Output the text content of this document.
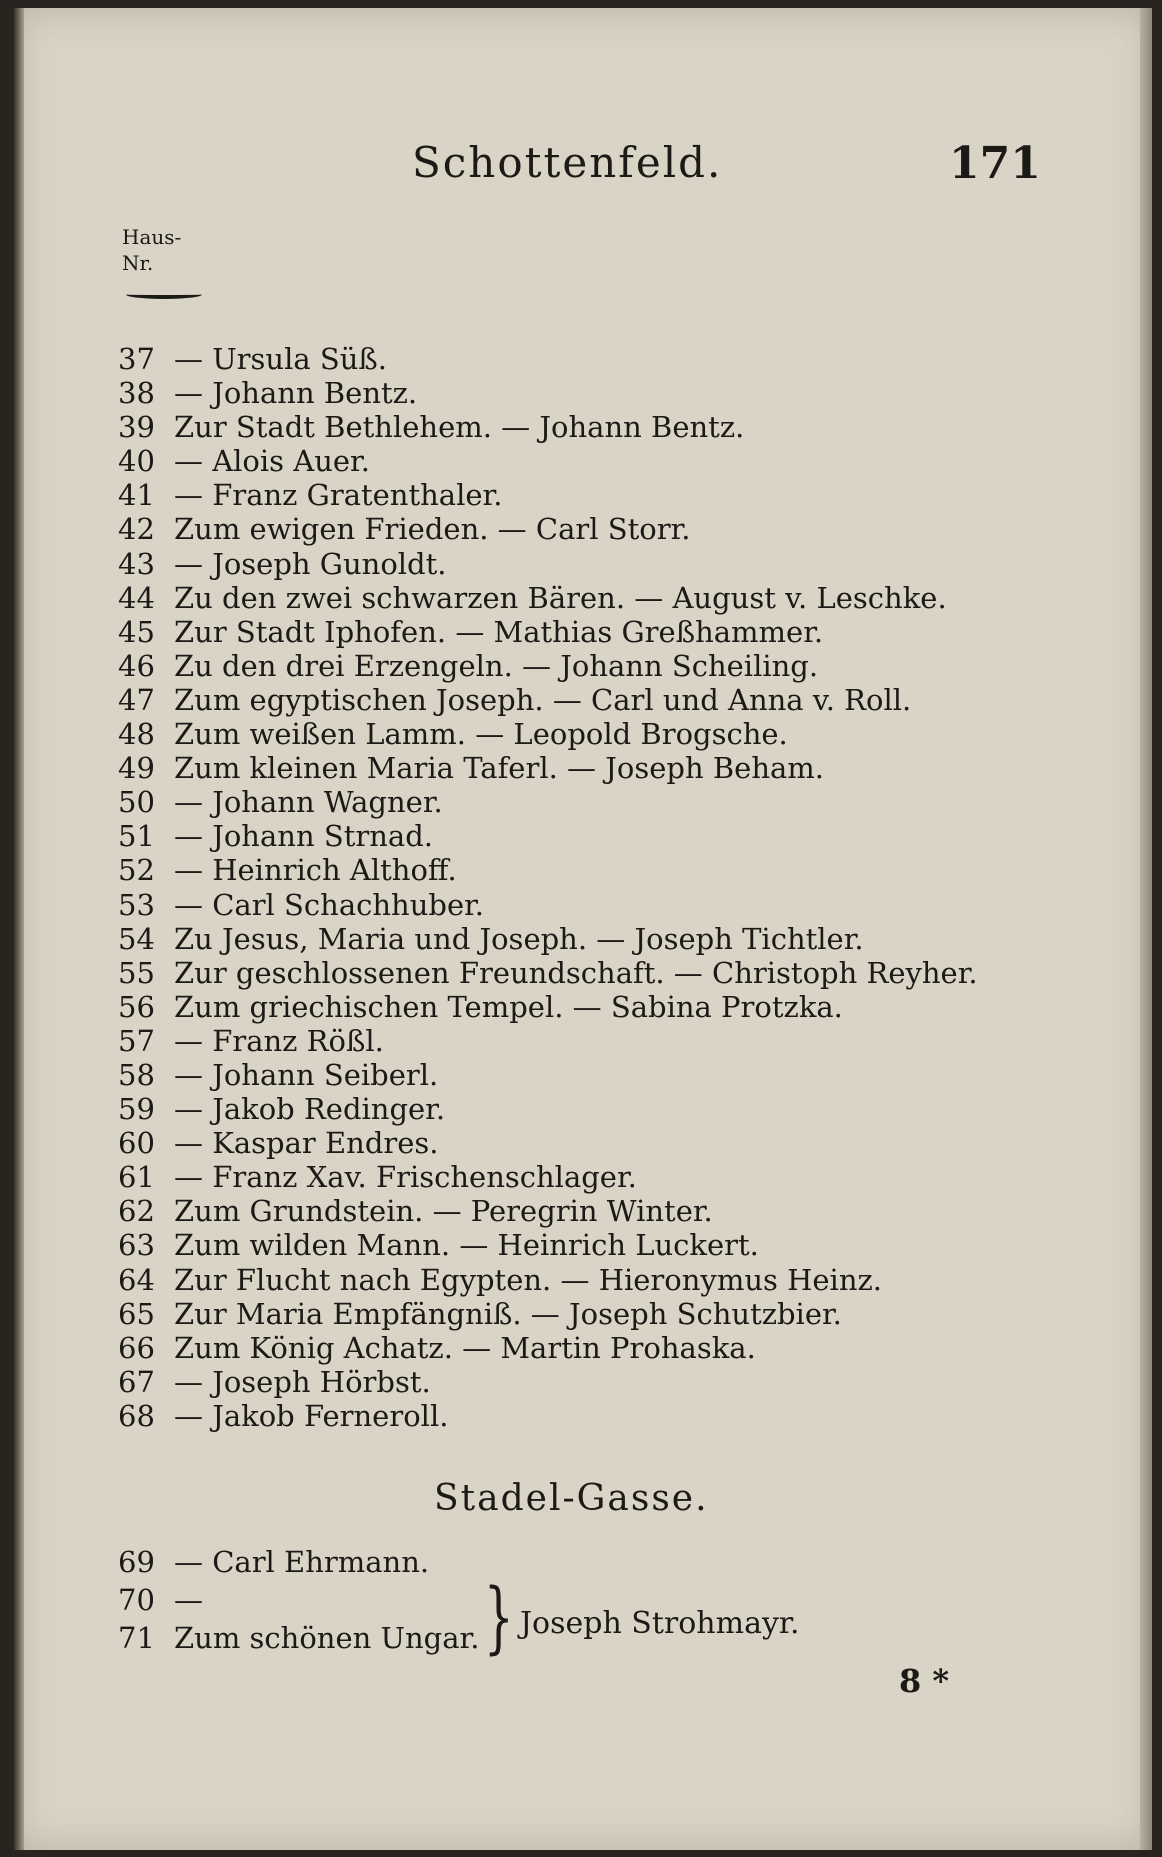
Schottenfeld.	171
Haus-
Nr.
37 — Ursula Süß.
38 — Johann Bentz.
39 Zur Stadt Bethlehem. — Johann Bentz.
40 — Alois Auer.
41 — Franz Gratenthaler.
42 Zum ewigen Frieden. — Carl Storr.
43 — Joseph Gunoldt.
44 Zu den zwei schwarzen Bären. — August v. Leschke.
45 Zur Stadt Iphofen. — Mathias Greßhammer.
46 Zu den drei Erzengeln. — Johann Scheiling.
47 Zum egyptischen Joseph. — Carl und Anna v. Roll.
48 Zum weißen Lamm. — Leopold Brogsche.
49 Zum kleinen Maria Taferl. — Joseph Beham.
50 — Johann Wagner.
51 — Johann Strnad.
52 — Heinrich Althoff.
53 — Carl Schachhuber.
54 Zu Jesus, Maria und Joseph. — Joseph Tichtler.
55 Zur geschlossenen Freundschaft. — Christoph Reyher.
56 Zum griechischen Tempel. — Sabina Protzka.
57 — Franz Rößl.
58 — Johann Seiberl.
59 — Jakob Redinger.
60 — Kaspar Endres.
61 — Franz Xav. Frischenschlager.
62 Zum Grundstein. — Peregrin Winter.
63 Zum wilden Mann. — Heinrich Luckert.
64 Zur Flucht nach Egypten. — Hieronymus Heinz.
65 Zur Maria Empfängniß. — Joseph Schutzbier.
66 Zum König Achatz. — Martin Prohaska.
67 — Joseph Hörbst.
68 — Jakob Ferneroll.
Stadel-Gasse.
69 — Carl Ehrmann.
70 —
71 Zum schönen Ungar. } Joseph Strohmayr.
8 *
